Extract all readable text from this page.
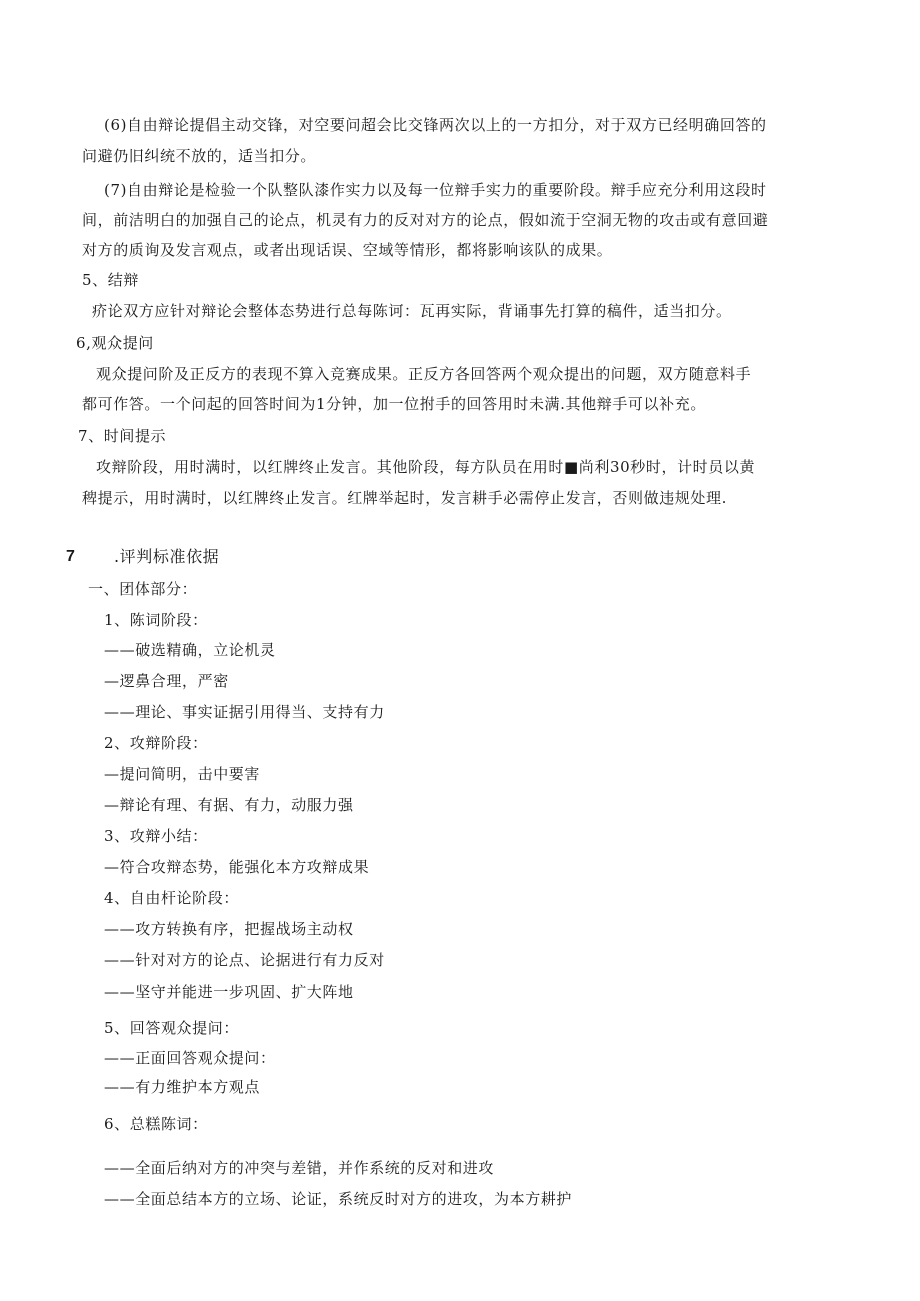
(6)自由辩论提倡主动交锋，对空要问超会比交锋两次以上的一方扣分，对于双方已经明确回答的
问避仍旧纠统不放的，适当扣分。
(7)自由辩论是检验一个队整队漆作实力以及每一位辩手实力的重要阶段。辩手应充分利用这段时
间，前洁明白的加强自己的论点，机灵有力的反对对方的论点，假如流于空洞无物的攻击或有意回避
对方的质询及发言观点，或者出现话误、空域等情形，都将影响该队的成果。
5、结辩
疥论双方应针对辩论会整体态势进行总每陈诃：瓦再实际，背诵事先打算的稿件，适当扣分。
6,观众提问
观众提问阶及正反方的表现不算入竞赛成果。正反方各回答两个观众提出的问题，双方随意料手
都可作答。一个问起的回答时间为1分钟，加一位拊手的回答用时未满.其他辩手可以补充。
7、时间提示
攻辩阶段，用时满时，以红牌终止发言。其他阶段，每方队员在用时■尚利30秒时，计时员以黄
稗提示，用时满时，以红牌终止发言。红牌举起时，发言耕手必需停止发言，否则做违规处理.
7 .评判标准依据
一、团体部分：
1、陈词阶段：
——破选精确，立论机灵
—逻鼻合理，严密
——理论、事实证据引用得当、支持有力
2、攻辩阶段：
—提问简明，击中要害
—辩论有理、有据、有力，动服力强
3、攻辩小结：
—符合攻辩态势，能强化本方攻辩成果
4、自由杆论阶段：
——攻方转换有序，把握战场主动权
——针对对方的论点、论据进行有力反对
——坚守并能进一步巩固、扩大阵地
5、回答观众提问：
——正面回答观众提问：
——有力维护本方观点
6、总糕陈词：
——全面后纳对方的冲突与差错，并作系统的反对和进攻
——全面总结本方的立场、论证，系统反时对方的进攻，为本方耕护
